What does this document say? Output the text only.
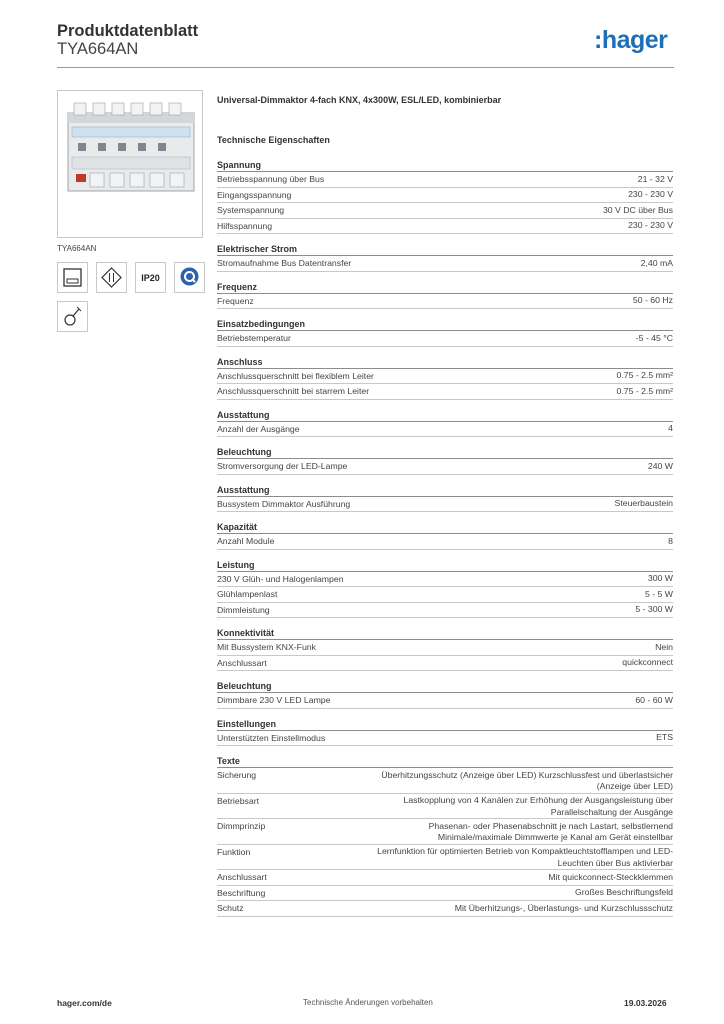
Produktdatenblatt
TYA664AN	:hager
TYA664AN
IP20
Universal-Dimmaktor 4-fach KNX, 4x300W, ESL/LED, kombinierbar
Technische Eigenschaften
Spannung
Betriebsspannung über Bus	21 - 32 V
Eingangsspannung	230 - 230 V
Systemspannung	30 V DC über Bus
Hilfsspannung	230 - 230 V
Elektrischer Strom
Stromaufnahme Bus Datentransfer	2,40 mA
Frequenz
Frequenz	50 - 60 Hz
Einsatzbedingungen
Betriebstemperatur	-5 - 45 °C
Anschluss
Anschlussquerschnitt bei flexiblem Leiter	0.75 - 2.5 mm²
Anschlussquerschnitt bei starrem Leiter	0.75 - 2.5 mm²
Ausstattung
Anzahl der Ausgänge	4
Beleuchtung
Stromversorgung der LED-Lampe	240 W
Ausstattung
Bussystem Dimmaktor Ausführung	Steuerbaustein
Kapazität
Anzahl Module	8
Leistung
230 V Glüh- und Halogenlampen	300 W
Glühlampenlast	5 - 5 W
Dimmleistung	5 - 300 W
Konnektivität
Mit Bussystem KNX-Funk	Nein
Anschlussart	quickconnect
Beleuchtung
Dimmbare 230 V LED Lampe	60 - 60 W
Einstellungen
Unterstützten Einstellmodus	ETS
Texte
Sicherung	Überhitzungsschutz (Anzeige über LED) Kurzschlussfest und überlastsicher (Anzeige über LED)
Betriebsart	Lastkopplung von 4 Kanälen zur Erhöhung der Ausgangsleistung über Parallelschaltung der Ausgänge
Dimmprinzip	Phasenan- oder Phasenabschnitt je nach Lastart, selbstlernend Minimale/maximale Dimmwerte je Kanal am Gerät einstellbar
Funktion	Lernfunktion für optimierten Betrieb von Kompaktleuchtstofflampen und LED-Leuchten über Bus aktivierbar
Anschlussart	Mit quickconnect-Steckklemmen
Beschriftung	Großes Beschriftungsfeld
Schutz	Mit Überhitzungs-, Überlastungs- und Kurzschlussschutz
hager.com/de	Technische Änderungen vorbehalten	19.03.2026
